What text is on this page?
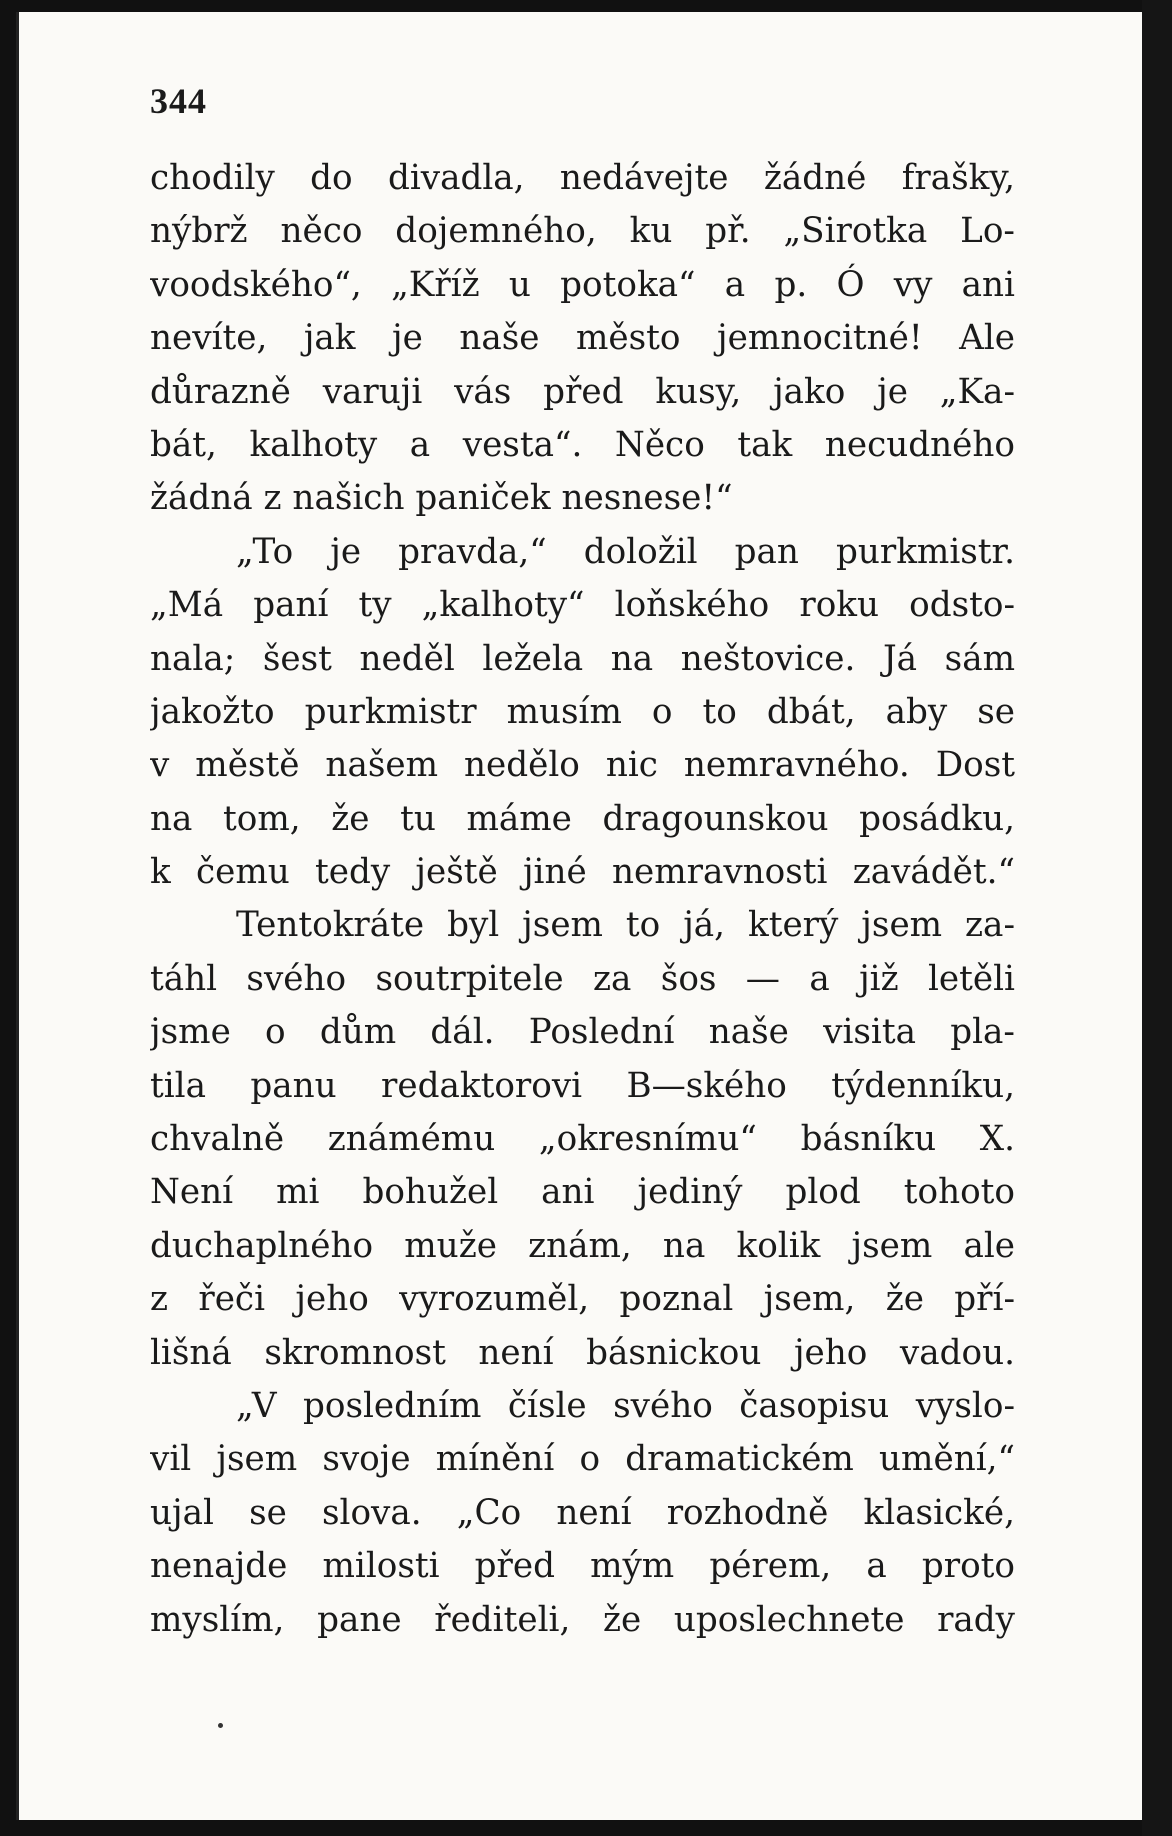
344
chodily do divadla, nedávejte žádné frašky,
nýbrž něco dojemného, ku př. „Sirotka Lo-
voodského“, „Kříž u potoka“ a p. Ó vy ani
nevíte, jak je naše město jemnocitné! Ale
důrazně varuji vás před kusy, jako je „Ka-
bát, kalhoty a vesta“. Něco tak necudného
žádná z našich paniček nesnese!“
„To je pravda,“ doložil pan purkmistr.
„Má paní ty „kalhoty“ loňského roku odsto-
nala; šest neděl ležela na neštovice. Já sám
jakožto purkmistr musím o to dbát, aby se
v městě našem nedělo nic nemravného. Dost
na tom, že tu máme dragounskou posádku,
k čemu tedy ještě jiné nemravnosti zavádět.“
Tentokráte byl jsem to já, který jsem za-
táhl svého soutrpitele za šos — a již letěli
jsme o dům dál. Poslední naše visita pla-
tila panu redaktorovi B—ského týdenníku,
chvalně známému „okresnímu“ básníku X.
Není mi bohužel ani jediný plod tohoto
duchaplného muže znám, na kolik jsem ale
z řeči jeho vyrozuměl, poznal jsem, že pří-
lišná skromnost není básnickou jeho vadou.
„V posledním čísle svého časopisu vyslo-
vil jsem svoje mínění o dramatickém umění,“
ujal se slova. „Co není rozhodně klasické,
nenajde milosti před mým pérem, a proto
myslím, pane řediteli, že uposlechnete rady
